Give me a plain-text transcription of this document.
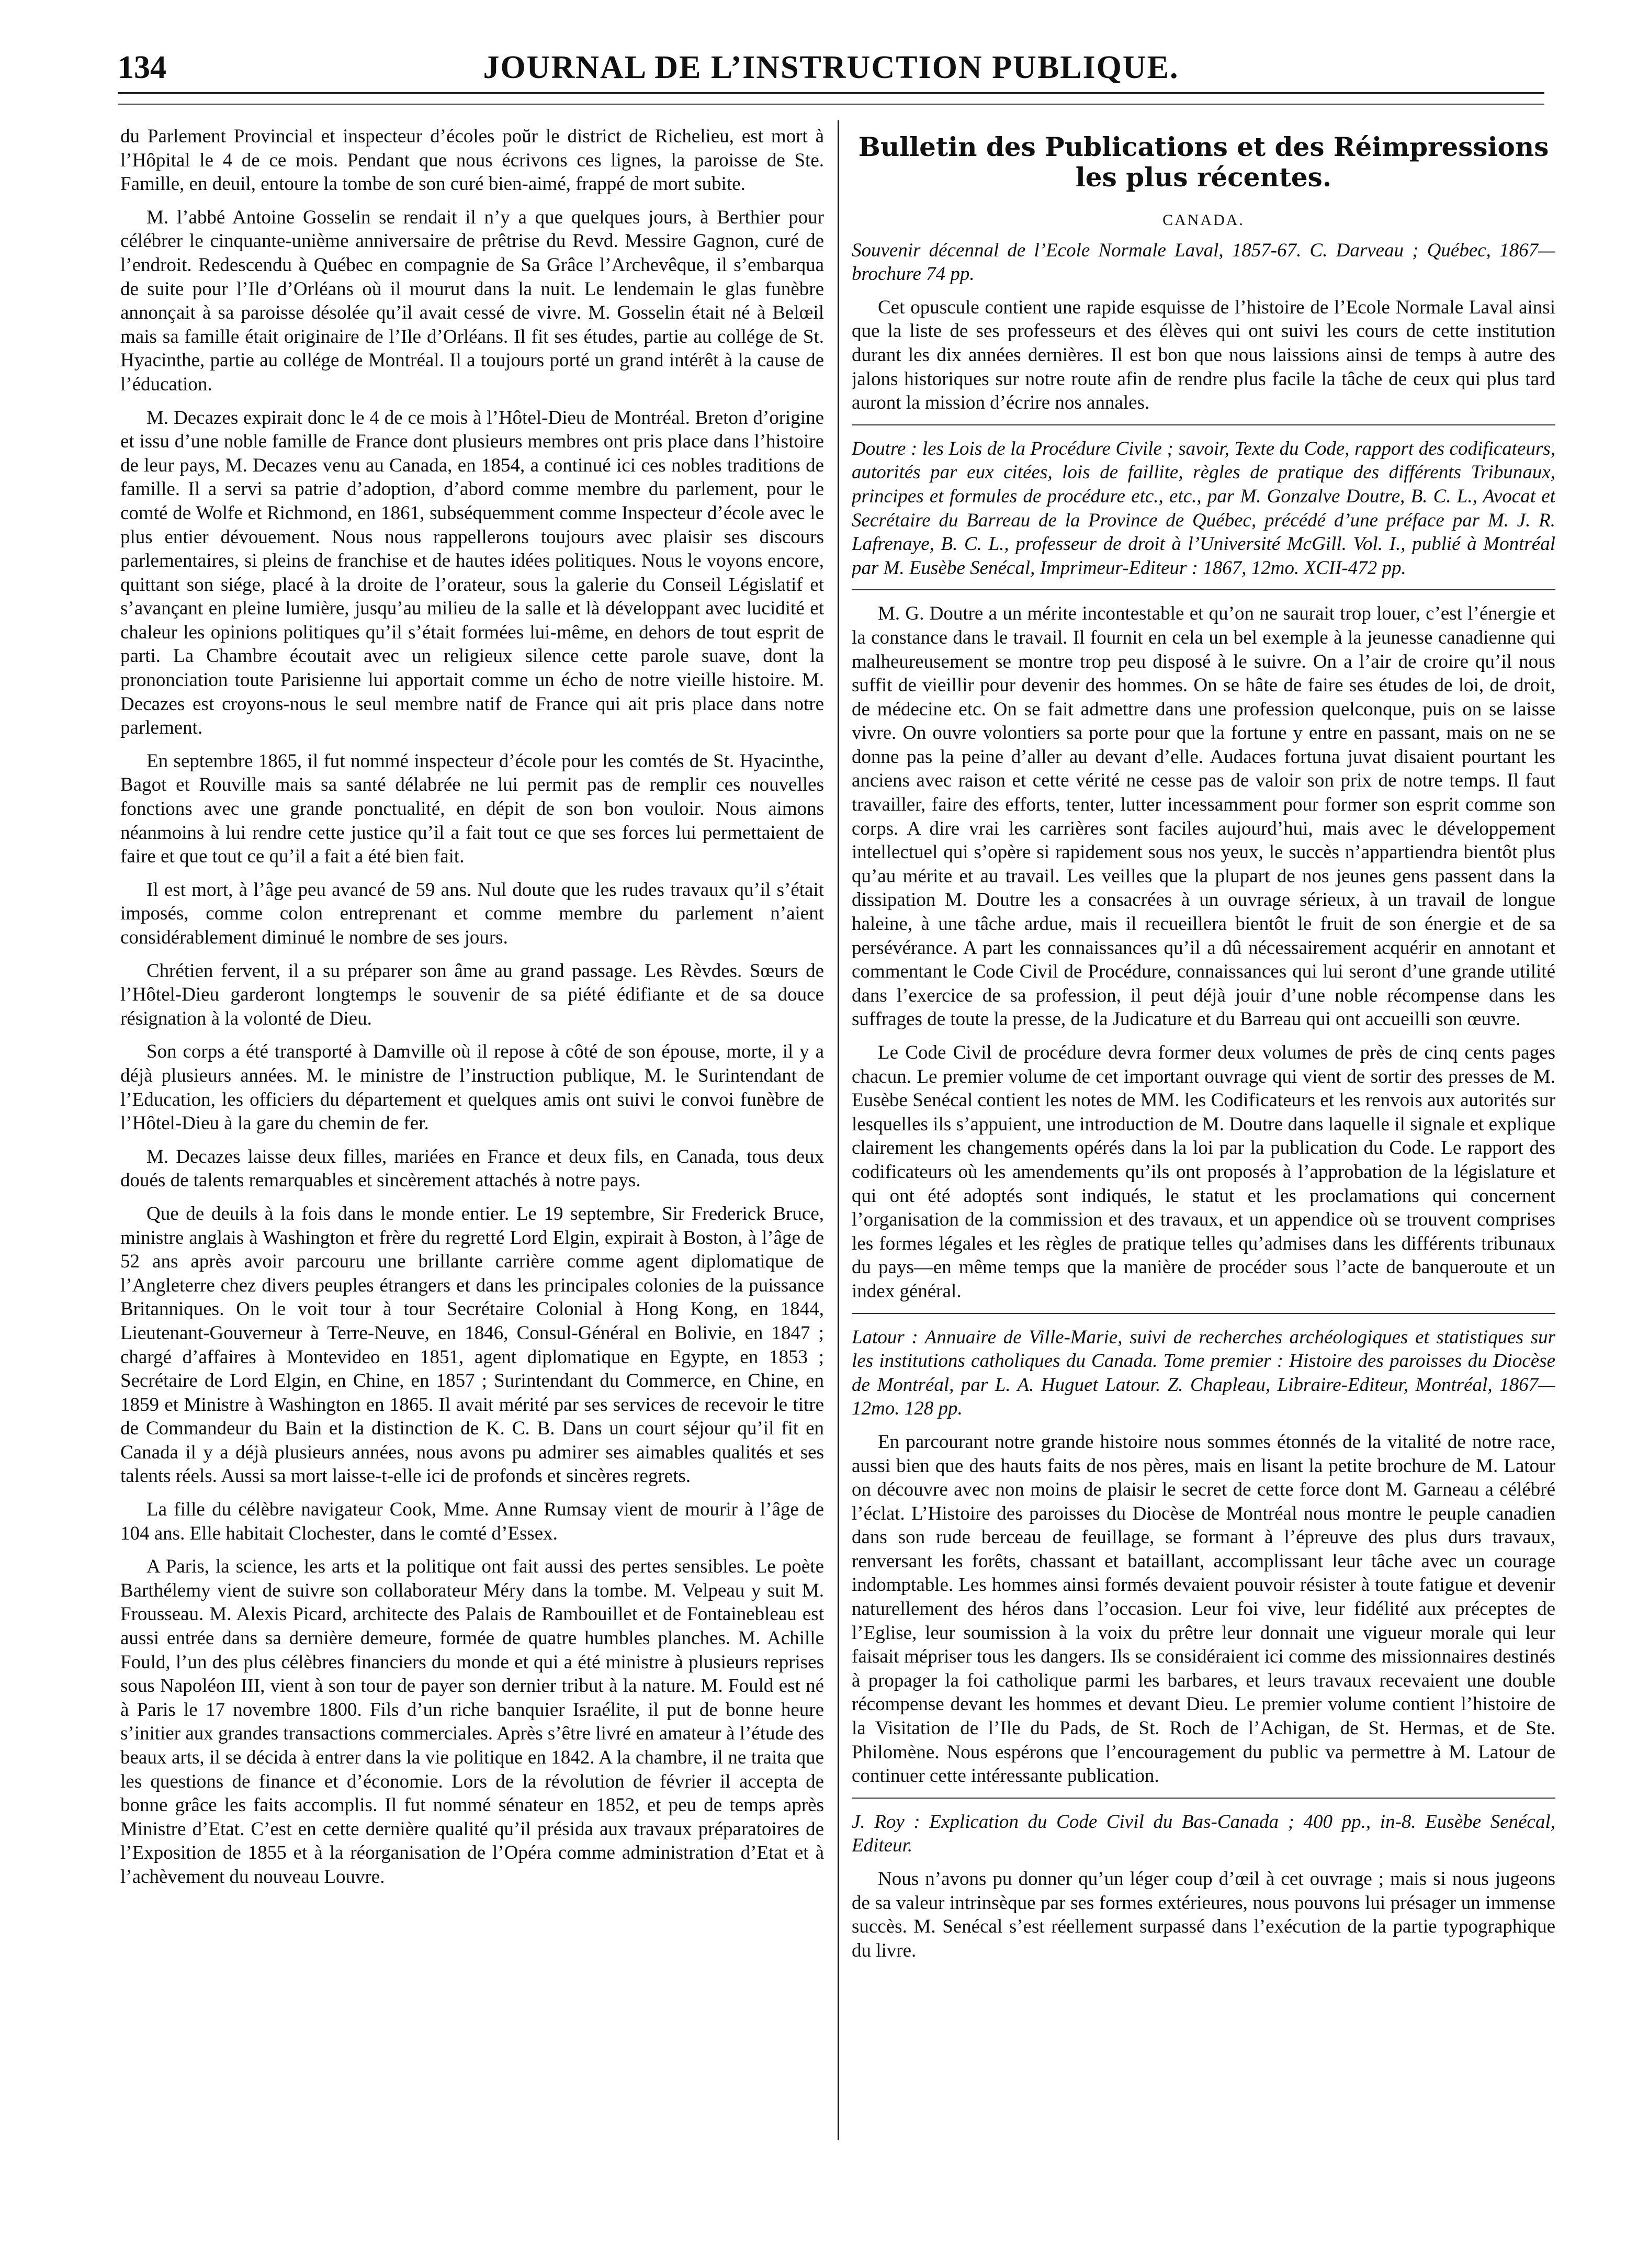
JOURNAL DE L’INSTRUCTION PUBLIQUE.
134

du Parlement Provincial et inspecteur d’écoles poŭr le district de Richelieu, est mort à l’Hôpital le 4 de ce mois. Pendant que nous écrivons ces lignes, la paroisse de Ste. Famille, en deuil, entoure la tombe de son curé bien-aimé, frappé de mort subite.

M. l’abbé Antoine Gosselin se rendait il n’y a que quelques jours, à Berthier pour célébrer le cinquante-unième anniversaire de prêtrise du Revd. Messire Gagnon, curé de l’endroit. Redescendu à Québec en compagnie de Sa Grâce l’Archevêque, il s’embarqua de suite pour l’Ile d’Orléans où il mourut dans la nuit. Le lendemain le glas funèbre annonçait à sa paroisse désolée qu’il avait cessé de vivre. M. Gosselin était né à Belœil mais sa famille était originaire de l’Ile d’Orléans. Il fit ses études, partie au collége de St. Hyacinthe, partie au collége de Montréal. Il a toujours porté un grand intérêt à la cause de l’éducation.

M. Decazes expirait donc le 4 de ce mois à l’Hôtel-Dieu de Montréal. Breton d’origine et issu d’une noble famille de France dont plusieurs membres ont pris place dans l’histoire de leur pays, M. Decazes venu au Canada, en 1854, a continué ici ces nobles traditions de famille. Il a servi sa patrie d’adoption, d’abord comme membre du parlement, pour le comté de Wolfe et Richmond, en 1861, subséquemment comme Inspecteur d’école avec le plus entier dévouement. Nous nous rappellerons toujours avec plaisir ses discours parlementaires, si pleins de franchise et de hautes idées politiques. Nous le voyons encore, quittant son siége, placé à la droite de l’orateur, sous la galerie du Conseil Législatif et s’avançant en pleine lumière, jusqu’au milieu de la salle et là développant avec lucidité et chaleur les opinions politiques qu’il s’était formées lui-même, en dehors de tout esprit de parti. La Chambre écoutait avec un religieux silence cette parole suave, dont la prononciation toute Parisienne lui apportait comme un écho de notre vieille histoire. M. Decazes est croyons-nous le seul membre natif de France qui ait pris place dans notre parlement.

En septembre 1865, il fut nommé inspecteur d’école pour les comtés de St. Hyacinthe, Bagot et Rouville mais sa santé délabrée ne lui permit pas de remplir ces nouvelles fonctions avec une grande ponctualité, en dépit de son bon vouloir. Nous aimons néanmoins à lui rendre cette justice qu’il a fait tout ce que ses forces lui permettaient de faire et que tout ce qu’il a fait a été bien fait.

Il est mort, à l’âge peu avancé de 59 ans. Nul doute que les rudes travaux qu’il s’était imposés, comme colon entreprenant et comme membre du parlement n’aient considérablement diminué le nombre de ses jours.

Chrétien fervent, il a su préparer son âme au grand passage. Les Rèvdes. Sœurs de l’Hôtel-Dieu garderont longtemps le souvenir de sa piété édifiante et de sa douce résignation à la volonté de Dieu.

Son corps a été transporté à Damville où il repose à côté de son épouse, morte, il y a déjà plusieurs années. M. le ministre de l’instruction publique, M. le Surintendant de l’Education, les officiers du département et quelques amis ont suivi le convoi funèbre de l’Hôtel-Dieu à la gare du chemin de fer.

M. Decazes laisse deux filles, mariées en France et deux fils, en Canada, tous deux doués de talents remarquables et sincèrement attachés à notre pays.

Que de deuils à la fois dans le monde entier. Le 19 septembre, Sir Frederick Bruce, ministre anglais à Washington et frère du regretté Lord Elgin, expirait à Boston, à l’âge de 52 ans après avoir parcouru une brillante carrière comme agent diplomatique de l’Angleterre chez divers peuples étrangers et dans les principales colonies de la puissance Britanniques. On le voit tour à tour Secrétaire Colonial à Hong Kong, en 1844, Lieutenant-Gouverneur à Terre-Neuve, en 1846, Consul-Général en Bolivie, en 1847 ; chargé d’affaires à Montevideo en 1851, agent diplomatique en Egypte, en 1853 ; Secrétaire de Lord Elgin, en Chine, en 1857 ; Surintendant du Commerce, en Chine, en 1859 et Ministre à Washington en 1865. Il avait mérité par ses services de recevoir le titre de Commandeur du Bain et la distinction de K. C. B. Dans un court séjour qu’il fit en Canada il y a déjà plusieurs années, nous avons pu admirer ses aimables qualités et ses talents réels. Aussi sa mort laisse-t-elle ici de profonds et sincères regrets.

La fille du célèbre navigateur Cook, Mme. Anne Rumsay vient de mourir à l’âge de 104 ans. Elle habitait Clochester, dans le comté d’Essex.

A Paris, la science, les arts et la politique ont fait aussi des pertes sensibles. Le poète Barthélemy vient de suivre son collaborateur Méry dans la tombe. M. Velpeau y suit M. Frousseau. M. Alexis Picard, architecte des Palais de Rambouillet et de Fontainebleau est aussi entrée dans sa dernière demeure, formée de quatre humbles planches. M. Achille Fould, l’un des plus célèbres financiers du monde et qui a été ministre à plusieurs reprises sous Napoléon III, vient à son tour de payer son dernier tribut à la nature. M. Fould est né à Paris le 17 novembre 1800. Fils d’un riche banquier Israélite, il put de bonne heure s’initier aux grandes transactions commerciales. Après s’être livré en amateur à l’étude des beaux arts, il se décida à entrer dans la vie politique en 1842. A la chambre, il ne traita que les questions de finance et d’économie. Lors de la révolution de février il accepta de bonne grâce les faits accomplis. Il fut nommé sénateur en 1852, et peu de temps après Ministre d’Etat. C’est en cette dernière qualité qu’il présida aux travaux préparatoires de l’Exposition de 1855 et à la réorganisation de l’Opéra comme administration d’Etat et à l’achèvement du nouveau Louvre.

Bulletin des Publications et des Réimpressions les plus récentes.
CANADA.

Souvenir décennal de l’Ecole Normale Laval, 1857-67. C. Darveau ; Québec, 1867—brochure 74 pp.

Cet opuscule contient une rapide esquisse de l’histoire de l’Ecole Normale Laval ainsi que la liste de ses professeurs et des élèves qui ont suivi les cours de cette institution durant les dix années dernières. Il est bon que nous laissions ainsi de temps à autre des jalons historiques sur notre route afin de rendre plus facile la tâche de ceux qui plus tard auront la mission d’écrire nos annales.

Doutre : les Lois de la Procédure Civile ; savoir, Texte du Code, rapport des codificateurs, autorités par eux citées, lois de faillite, règles de pratique des différents Tribunaux, principes et formules de procédure etc., etc., par M. Gonzalve Doutre, B. C. L., Avocat et Secrétaire du Barreau de la Province de Québec, précédé d’une préface par M. J. R. Lafrenaye, B. C. L., professeur de droit à l’Université McGill. Vol. I., publié à Montréal par M. Eusèbe Senécal, Imprimeur-Editeur : 1867, 12mo. XCII-472 pp.

M. G. Doutre a un mérite incontestable et qu’on ne saurait trop louer, c’est l’énergie et la constance dans le travail. Il fournit en cela un bel exemple à la jeunesse canadienne qui malheureusement se montre trop peu disposé à le suivre. On a l’air de croire qu’il nous suffit de vieillir pour devenir des hommes. On se hâte de faire ses études de loi, de droit, de médecine etc. On se fait admettre dans une profession quelconque, puis on se laisse vivre. On ouvre volontiers sa porte pour que la fortune y entre en passant, mais on ne se donne pas la peine d’aller au devant d’elle. Audaces fortuna juvat disaient pourtant les anciens avec raison et cette vérité ne cesse pas de valoir son prix de notre temps. Il faut travailler, faire des efforts, tenter, lutter incessamment pour former son esprit comme son corps. A dire vrai les carrières sont faciles aujourd’hui, mais avec le développement intellectuel qui s’opère si rapidement sous nos yeux, le succès n’appartiendra bientôt plus qu’au mérite et au travail. Les veilles que la plupart de nos jeunes gens passent dans la dissipation M. Doutre les a consacrées à un ouvrage sérieux, à un travail de longue haleine, à une tâche ardue, mais il recueillera bientôt le fruit de son énergie et de sa persévérance. A part les connaissances qu’il a dû nécessairement acquérir en annotant et commentant le Code Civil de Procédure, connaissances qui lui seront d’une grande utilité dans l’exercice de sa profession, il peut déjà jouir d’une noble récompense dans les suffrages de toute la presse, de la Judicature et du Barreau qui ont accueilli son œuvre.

Le Code Civil de procédure devra former deux volumes de près de cinq cents pages chacun. Le premier volume de cet important ouvrage qui vient de sortir des presses de M. Eusèbe Senécal contient les notes de MM. les Codificateurs et les renvois aux autorités sur lesquelles ils s’appuient, une introduction de M. Doutre dans laquelle il signale et explique clairement les changements opérés dans la loi par la publication du Code. Le rapport des codificateurs où les amendements qu’ils ont proposés à l’approbation de la législature et qui ont été adoptés sont indiqués, le statut et les proclamations qui concernent l’organisation de la commission et des travaux, et un appendice où se trouvent comprises les formes légales et les règles de pratique telles qu’admises dans les différents tribunaux du pays—en même temps que la manière de procéder sous l’acte de banqueroute et un index général.

Latour : Annuaire de Ville-Marie, suivi de recherches archéologiques et statistiques sur les institutions catholiques du Canada. Tome premier : Histoire des paroisses du Diocèse de Montréal, par L. A. Huguet Latour. Z. Chapleau, Libraire-Editeur, Montréal, 1867—12mo. 128 pp.

En parcourant notre grande histoire nous sommes étonnés de la vitalité de notre race, aussi bien que des hauts faits de nos pères, mais en lisant la petite brochure de M. Latour on découvre avec non moins de plaisir le secret de cette force dont M. Garneau a célébré l’éclat. L’Histoire des paroisses du Diocèse de Montréal nous montre le peuple canadien dans son rude berceau de feuillage, se formant à l’épreuve des plus durs travaux, renversant les forêts, chassant et bataillant, accomplissant leur tâche avec un courage indomptable. Les hommes ainsi formés devaient pouvoir résister à toute fatigue et devenir naturellement des héros dans l’occasion. Leur foi vive, leur fidélité aux préceptes de l’Eglise, leur soumission à la voix du prêtre leur donnait une vigueur morale qui leur faisait mépriser tous les dangers. Ils se considéraient ici comme des missionnaires destinés à propager la foi catholique parmi les barbares, et leurs travaux recevaient une double récompense devant les hommes et devant Dieu. Le premier volume contient l’histoire de la Visitation de l’Ile du Pads, de St. Roch de l’Achigan, de St. Hermas, et de Ste. Philomène. Nous espérons que l’encouragement du public va permettre à M. Latour de continuer cette intéressante publication.

J. Roy : Explication du Code Civil du Bas-Canada ; 400 pp., in-8. Eusèbe Senécal, Editeur.

Nous n’avons pu donner qu’un léger coup d’œil à cet ouvrage ; mais si nous jugeons de sa valeur intrinsèque par ses formes extérieures, nous pouvons lui présager un immense succès. M. Senécal s’est réellement surpassé dans l’exécution de la partie typographique du livre.
